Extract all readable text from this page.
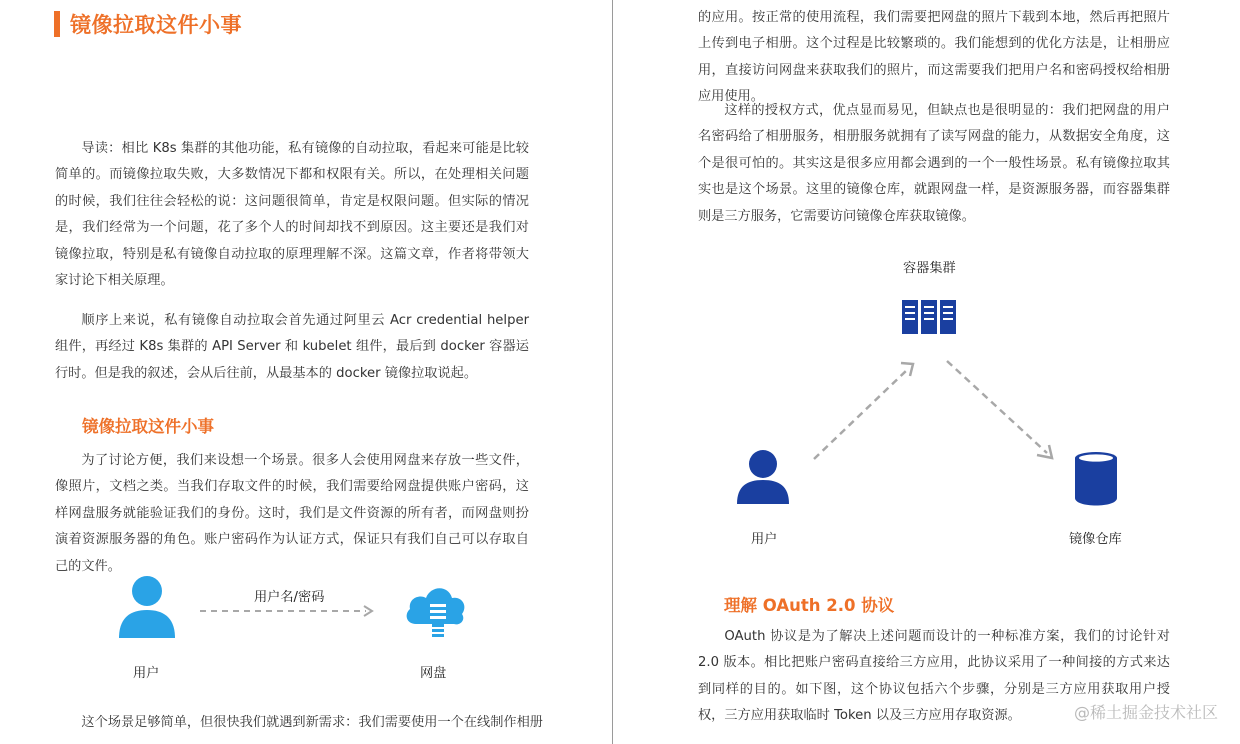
镜像拉取这件小事

导读：相比 K8s 集群的其他功能，私有镜像的自动拉取，看起来可能是比较简单的。而镜像拉取失败，大多数情况下都和权限有关。所以，在处理相关问题的时候，我们往往会轻松的说：这问题很简单，肯定是权限问题。但实际的情况是，我们经常为一个问题，花了多个人的时间却找不到原因。这主要还是我们对镜像拉取，特别是私有镜像自动拉取的原理理解不深。这篇文章，作者将带领大家讨论下相关原理。

顺序上来说，私有镜像自动拉取会首先通过阿里云 Acr credential helper 组件，再经过 K8s 集群的 API Server 和 kubelet 组件，最后到 docker 容器运行时。但是我的叙述，会从后往前，从最基本的 docker 镜像拉取说起。

镜像拉取这件小事

为了讨论方便，我们来设想一个场景。很多人会使用网盘来存放一些文件，像照片，文档之类。当我们存取文件的时候，我们需要给网盘提供账户密码，这样网盘服务就能验证我们的身份。这时，我们是文件资源的所有者，而网盘则扮演着资源服务器的角色。账户密码作为认证方式，保证只有我们自己可以存取自己的文件。

用户
用户名/密码
网盘

这个场景足够简单，但很快我们就遇到新需求：我们需要使用一个在线制作相册

的应用。按正常的使用流程，我们需要把网盘的照片下载到本地，然后再把照片上传到电子相册。这个过程是比较繁琐的。我们能想到的优化方法是，让相册应用，直接访问网盘来获取我们的照片，而这需要我们把用户名和密码授权给相册应用使用。

这样的授权方式，优点显而易见，但缺点也是很明显的：我们把网盘的用户名密码给了相册服务，相册服务就拥有了读写网盘的能力，从数据安全角度，这个是很可怕的。其实这是很多应用都会遇到的一个一般性场景。私有镜像拉取其实也是这个场景。这里的镜像仓库，就跟网盘一样，是资源服务器，而容器集群则是三方服务，它需要访问镜像仓库获取镜像。

容器集群
用户	镜像仓库
理解 OAuth 2.0 协议

OAuth 协议是为了解决上述问题而设计的一种标准方案，我们的讨论针对 2.0 版本。相比把账户密码直接给三方应用，此协议采用了一种间接的方式来达到同样的目的。如下图，这个协议包括六个步骤，分别是三方应用获取用户授权，三方应用获取临时 Token 以及三方应用存取资源。	@稀土掘金技术社区
